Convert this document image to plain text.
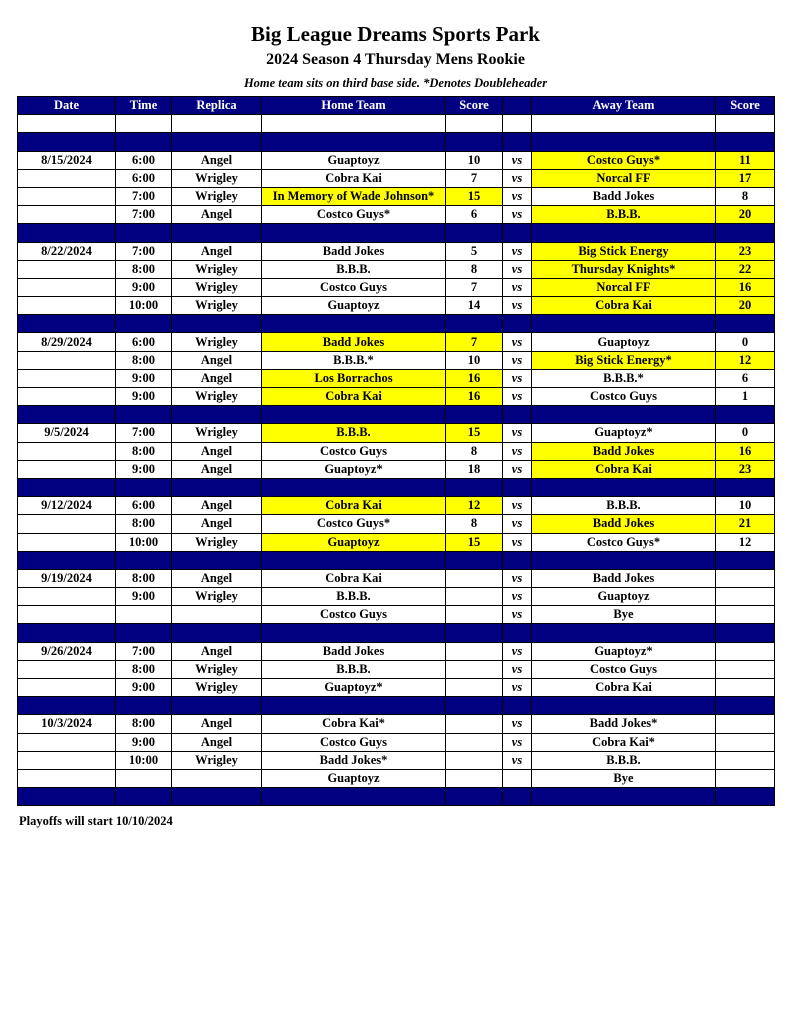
Big League Dreams Sports Park
2024 Season 4 Thursday Mens Rookie
Home team sits on third base side. *Denotes Doubleheader
Date	Time	Replica	Home Team	Score		Away Team	Score

8/15/2024	6:00	Angel	Guaptoyz	10	vs	Costco Guys*	11
	6:00	Wrigley	Cobra Kai	7	vs	Norcal FF	17
	7:00	Wrigley	In Memory of Wade Johnson*	15	vs	Badd Jokes	8
	7:00	Angel	Costco Guys*	6	vs	B.B.B.	20

8/22/2024	7:00	Angel	Badd Jokes	5	vs	Big Stick Energy	23
	8:00	Wrigley	B.B.B.	8	vs	Thursday Knights*	22
	9:00	Wrigley	Costco Guys	7	vs	Norcal FF	16
	10:00	Wrigley	Guaptoyz	14	vs	Cobra Kai	20

8/29/2024	6:00	Wrigley	Badd Jokes	7	vs	Guaptoyz	0
	8:00	Angel	B.B.B.*	10	vs	Big Stick Energy*	12
	9:00	Angel	Los Borrachos	16	vs	B.B.B.*	6
	9:00	Wrigley	Cobra Kai	16	vs	Costco Guys	1

9/5/2024	7:00	Wrigley	B.B.B.	15	vs	Guaptoyz*	0
	8:00	Angel	Costco Guys	8	vs	Badd Jokes	16
	9:00	Angel	Guaptoyz*	18	vs	Cobra Kai	23

9/12/2024	6:00	Angel	Cobra Kai	12	vs	B.B.B.	10
	8:00	Angel	Costco Guys*	8	vs	Badd Jokes	21
	10:00	Wrigley	Guaptoyz	15	vs	Costco Guys*	12

9/19/2024	8:00	Angel	Cobra Kai		vs	Badd Jokes	
	9:00	Wrigley	B.B.B.		vs	Guaptoyz	
			Costco Guys		vs	Bye	

9/26/2024	7:00	Angel	Badd Jokes		vs	Guaptoyz*	
	8:00	Wrigley	B.B.B.		vs	Costco Guys	
	9:00	Wrigley	Guaptoyz*		vs	Cobra Kai	

10/3/2024	8:00	Angel	Cobra Kai*		vs	Badd Jokes*	
	9:00	Angel	Costco Guys		vs	Cobra Kai*	
	10:00	Wrigley	Badd Jokes*		vs	B.B.B.	
			Guaptoyz			Bye	

Playoffs will start 10/10/2024
